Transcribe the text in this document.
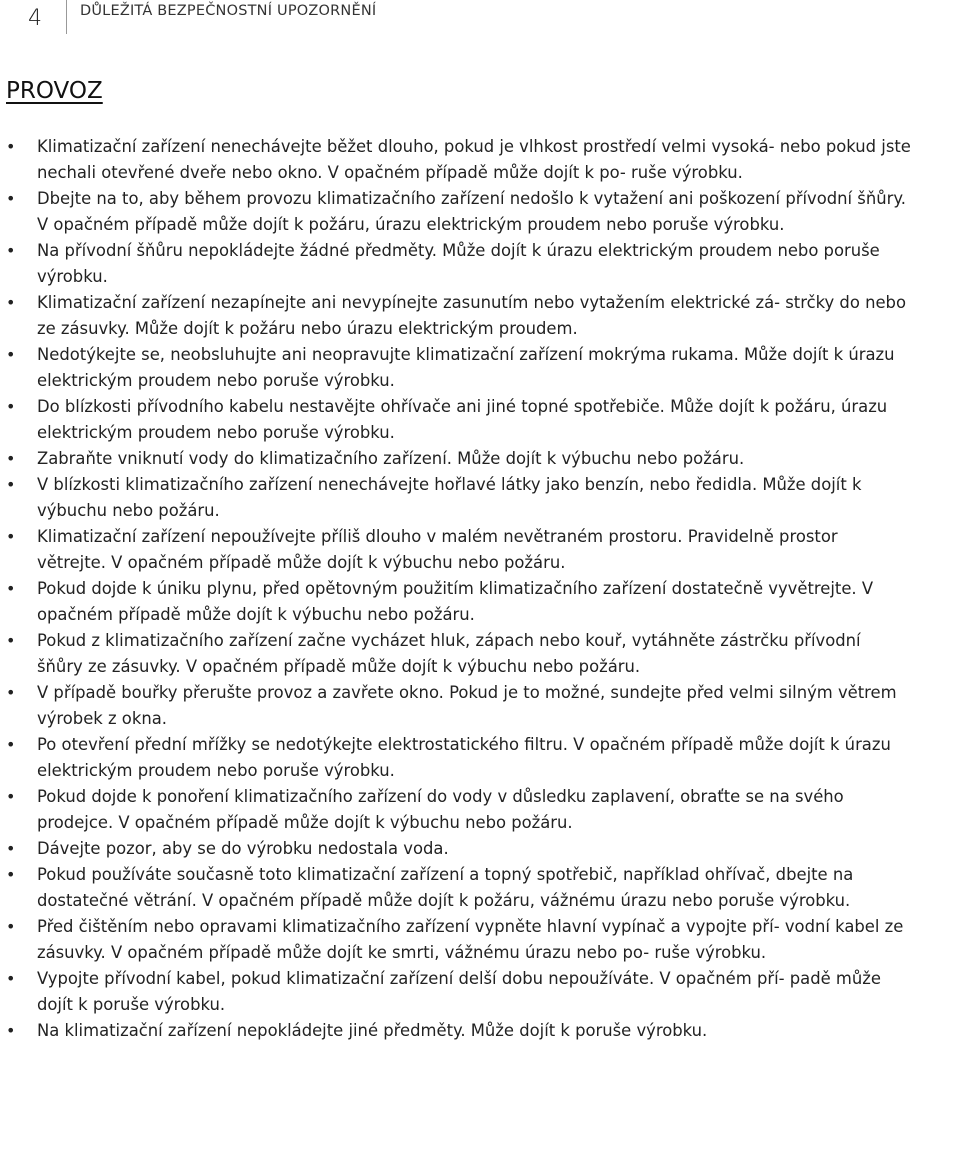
4	DŮLEŽITÁ BEZPEČNOSTNÍ UPOZORNĚNÍ
PROVOZ
• Klimatizační zařízení nenechávejte běžet dlouho, pokud je vlhkost prostředí velmi vysoká- nebo pokud jste nechali otevřené dveře nebo okno. V opačném případě může dojít k po- ruše výrobku.
• Dbejte na to, aby během provozu klimatizačního zařízení nedošlo k vytažení ani poškození přívodní šňůry. V opačném případě může dojít k požáru, úrazu elektrickým proudem nebo poruše výrobku.
• Na přívodní šňůru nepokládejte žádné předměty. Může dojít k úrazu elektrickým proudem nebo poruše výrobku.
• Klimatizační zařízení nezapínejte ani nevypínejte zasunutím nebo vytažením elektrické zá- strčky do nebo ze zásuvky. Může dojít k požáru nebo úrazu elektrickým proudem.
• Nedotýkejte se, neobsluhujte ani neopravujte klimatizační zařízení mokrýma rukama. Může dojít k úrazu elektrickým proudem nebo poruše výrobku.
• Do blízkosti přívodního kabelu nestavějte ohřívače ani jiné topné spotřebiče. Může dojít k požáru, úrazu elektrickým proudem nebo poruše výrobku.
• Zabraňte vniknutí vody do klimatizačního zařízení. Může dojít k výbuchu nebo požáru.
• V blízkosti klimatizačního zařízení nenechávejte hořlavé látky jako benzín, nebo ředidla. Může dojít k výbuchu nebo požáru.
• Klimatizační zařízení nepoužívejte příliš dlouho v malém nevětraném prostoru. Pravidelně prostor větrejte. V opačném případě může dojít k výbuchu nebo požáru.
• Pokud dojde k úniku plynu, před opětovným použitím klimatizačního zařízení dostatečně vyvětrejte. V opačném případě může dojít k výbuchu nebo požáru.
• Pokud z klimatizačního zařízení začne vycházet hluk, zápach nebo kouř, vytáhněte zástrčku přívodní šňůry ze zásuvky. V opačném případě může dojít k výbuchu nebo požáru.
• V případě bouřky přerušte provoz a zavřete okno. Pokud je to možné, sundejte před velmi silným větrem výrobek z okna.
• Po otevření přední mřížky se nedotýkejte elektrostatického filtru. V opačném případě může dojít k úrazu elektrickým proudem nebo poruše výrobku.
• Pokud dojde k ponoření klimatizačního zařízení do vody v důsledku zaplavení, obraťte se na svého prodejce. V opačném případě může dojít k výbuchu nebo požáru.
• Dávejte pozor, aby se do výrobku nedostala voda.
• Pokud používáte současně toto klimatizační zařízení a topný spotřebič, například ohřívač, dbejte na dostatečné větrání. V opačném případě může dojít k požáru, vážnému úrazu nebo poruše výrobku.
• Před čištěním nebo opravami klimatizačního zařízení vypněte hlavní vypínač a vypojte pří- vodní kabel ze zásuvky. V opačném případě může dojít ke smrti, vážnému úrazu nebo po- ruše výrobku.
• Vypojte přívodní kabel, pokud klimatizační zařízení delší dobu nepoužíváte. V opačném pří- padě může dojít k poruše výrobku.
• Na klimatizační zařízení nepokládejte jiné předměty. Může dojít k poruše výrobku.
